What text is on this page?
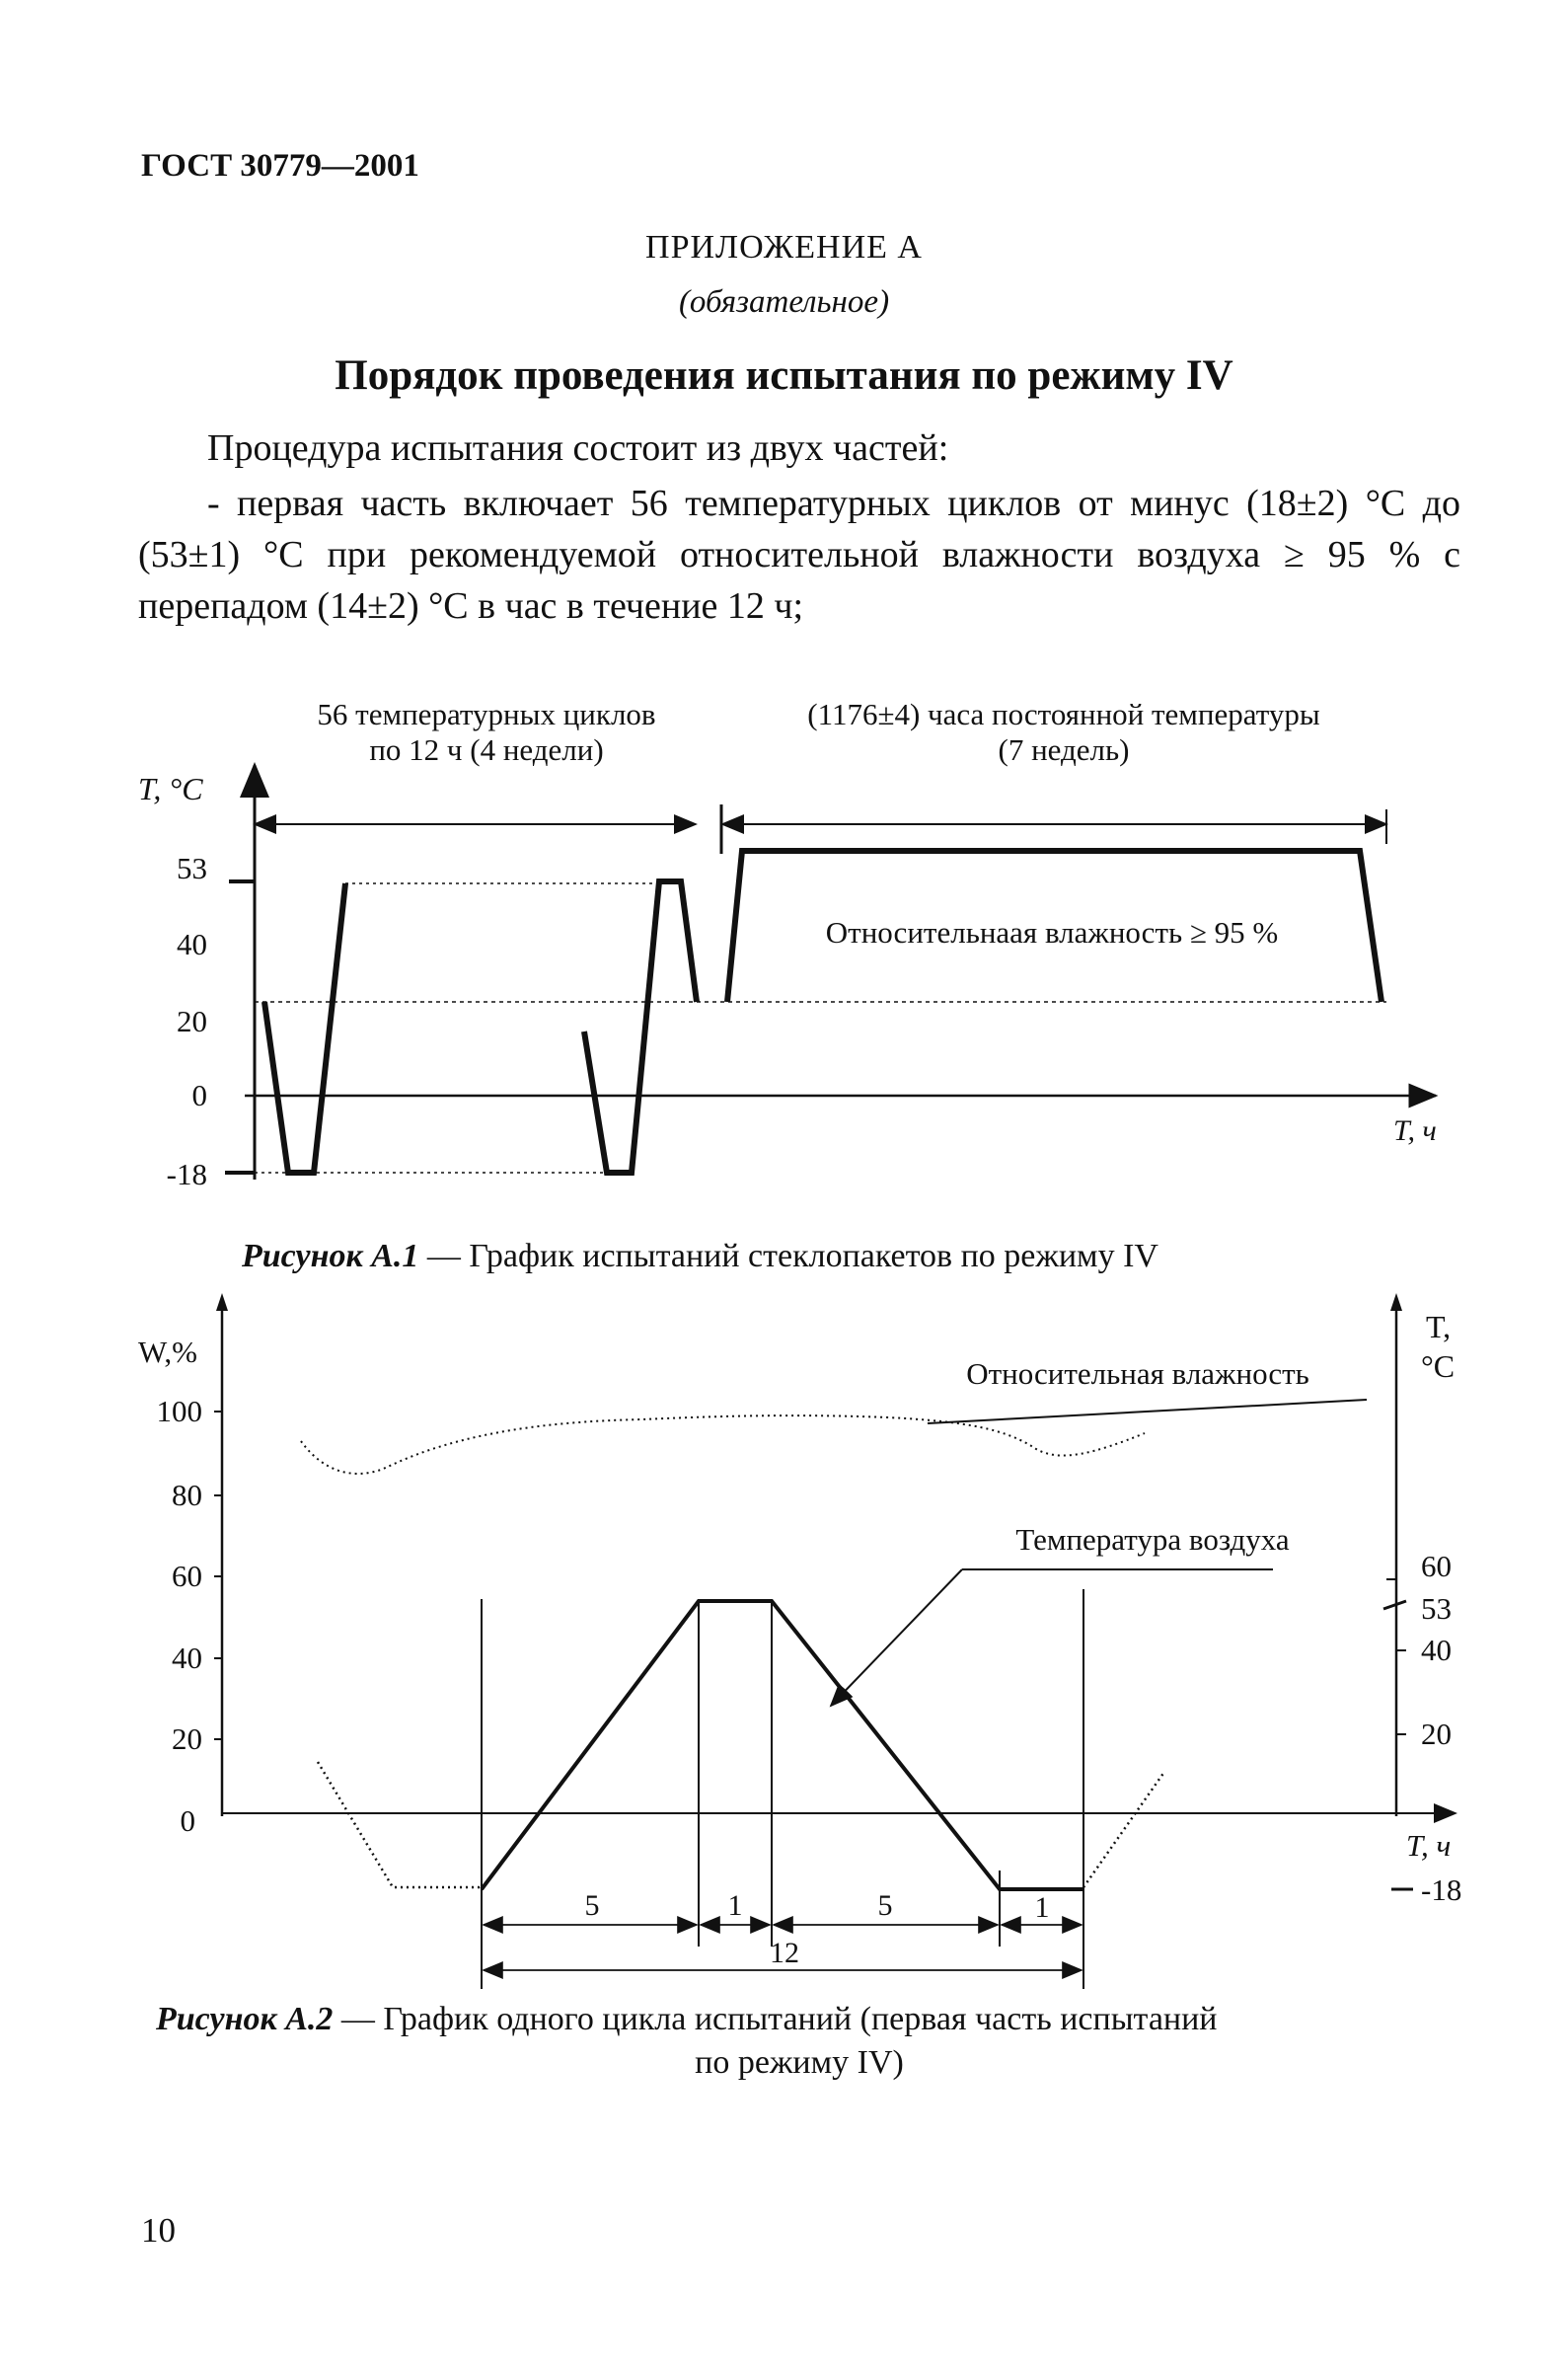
ГОСТ 30779—2001
ПРИЛОЖЕНИЕ А
(обязательное)
Порядок проведения испытания по режиму IV
Процедура испытания состоит из двух частей:
- первая часть включает 56 температурных циклов от минус (18±2) °С до (53±1) °С при рекомендуемой относительной влажности воздуха ≥ 95 % с перепадом (14±2) °С в час в течение 12 ч;
56 температурных циклов
по 12 ч (4 недели)
(1176±4) часа постоянной температуры
(7 недель)
T, °С
T, ч
53
40
20
0
-18
Относительнаая влажность ≥ 95 %
Рисунок А.1 — График испытаний стеклопакетов по режиму IV
W,%
100
80
60
40
20
0
T,
°С
60
53
40
20
-18
T, ч
Относительная влажность
Температура воздуха
5	1	5	1
12
Рисунок А.2 — График одного цикла испытаний (первая часть испытаний
по режиму IV)
10
